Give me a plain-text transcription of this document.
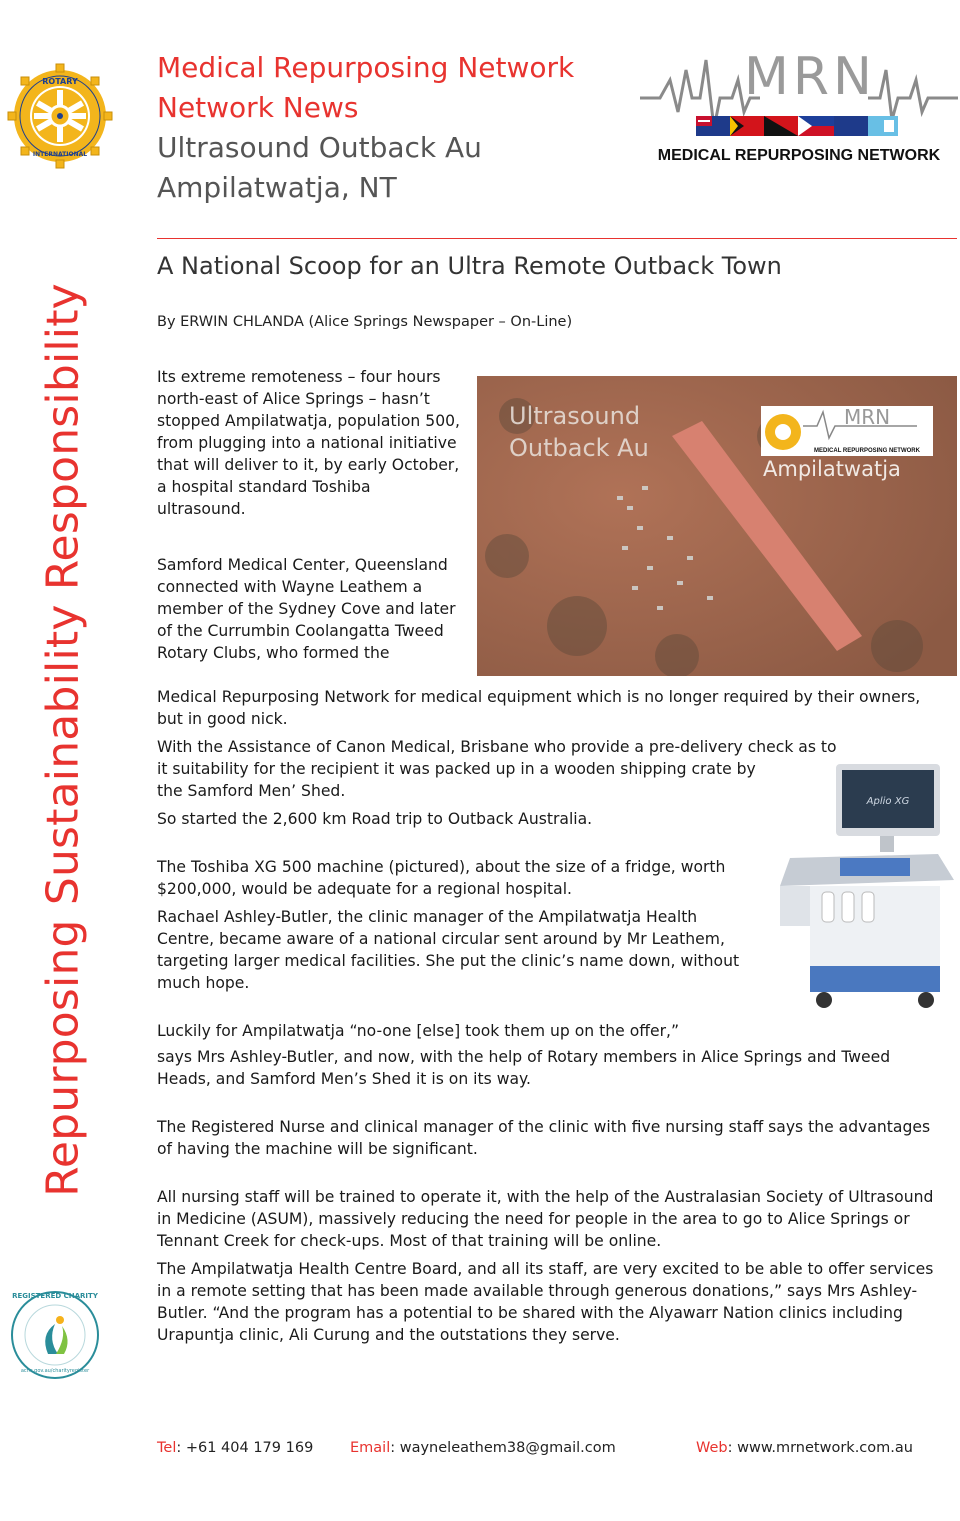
ROTARY
INTERNATIONAL
Repurposing Sustainability Responsibility
REGISTERED CHARITY
acnc.gov.au/charityregister
Medical Repurposing Network
Network News
Ultrasound Outback Au
Ampilatwatja, NT
MRN
MEDICAL REPURPOSING NETWORK
A National Scoop for an Ultra Remote Outback Town
By ERWIN CHLANDA (Alice Springs Newspaper – On-Line)
Ultrasound
Outback Au
MRN
MEDICAL REPURPOSING NETWORK
Ampilatwatja
Aplio XG

Its extreme remoteness – four hours north-east of Alice Springs – hasn’t stopped Ampilatwatja, population 500, from plugging into a national initiative that will deliver to it, by early October, a hospital standard Toshiba ultrasound.

Samford Medical Center, Queensland connected with Wayne Leathem a member of the Sydney Cove and later of the Currumbin Coolangatta Tweed Rotary Clubs, who formed the

Medical Repurposing Network for medical equipment which is no longer required by their owners, but in good nick.

With the Assistance of Canon Medical, Brisbane who provide a pre-delivery check as to

it suitability for the recipient it was packed up in a wooden shipping crate by the Samford Men’ Shed.

So started the 2,600 km Road trip to Outback Australia.

The Toshiba XG 500 machine (pictured), about the size of a fridge, worth $200,000, would be adequate for a regional hospital.

Rachael Ashley-Butler, the clinic manager of the Ampilatwatja Health Centre, became aware of a national circular sent around by Mr Leathem, targeting larger medical facilities. She put the clinic’s name down, without much hope.

Luckily for Ampilatwatja “no-one [else] took them up on the offer,”

says Mrs Ashley-Butler, and now, with the help of Rotary members in Alice Springs and Tweed Heads, and Samford Men’s Shed it is on its way.

The Registered Nurse and clinical manager of the clinic with five nursing staff says the advantages of having the machine will be significant.

All nursing staff will be trained to operate it, with the help of the Australasian Society of Ultrasound in Medicine (ASUM), massively reducing the need for people in the area to go to Alice Springs or Tennant Creek for check-ups. Most of that training will be online.

The Ampilatwatja Health Centre Board, and all its staff, are very excited to be able to offer services in a remote setting that has been made available through generous donations,” says Mrs Ashley-Butler. “And the program has a potential to be shared with the Alyawarr Nation clinics including Urapuntja clinic, Ali Curung and the outstations they serve.

Tel: +61 404 179 169	Email: wayneleathem38@gmail.com	Web: www.mrnetwork.com.au
